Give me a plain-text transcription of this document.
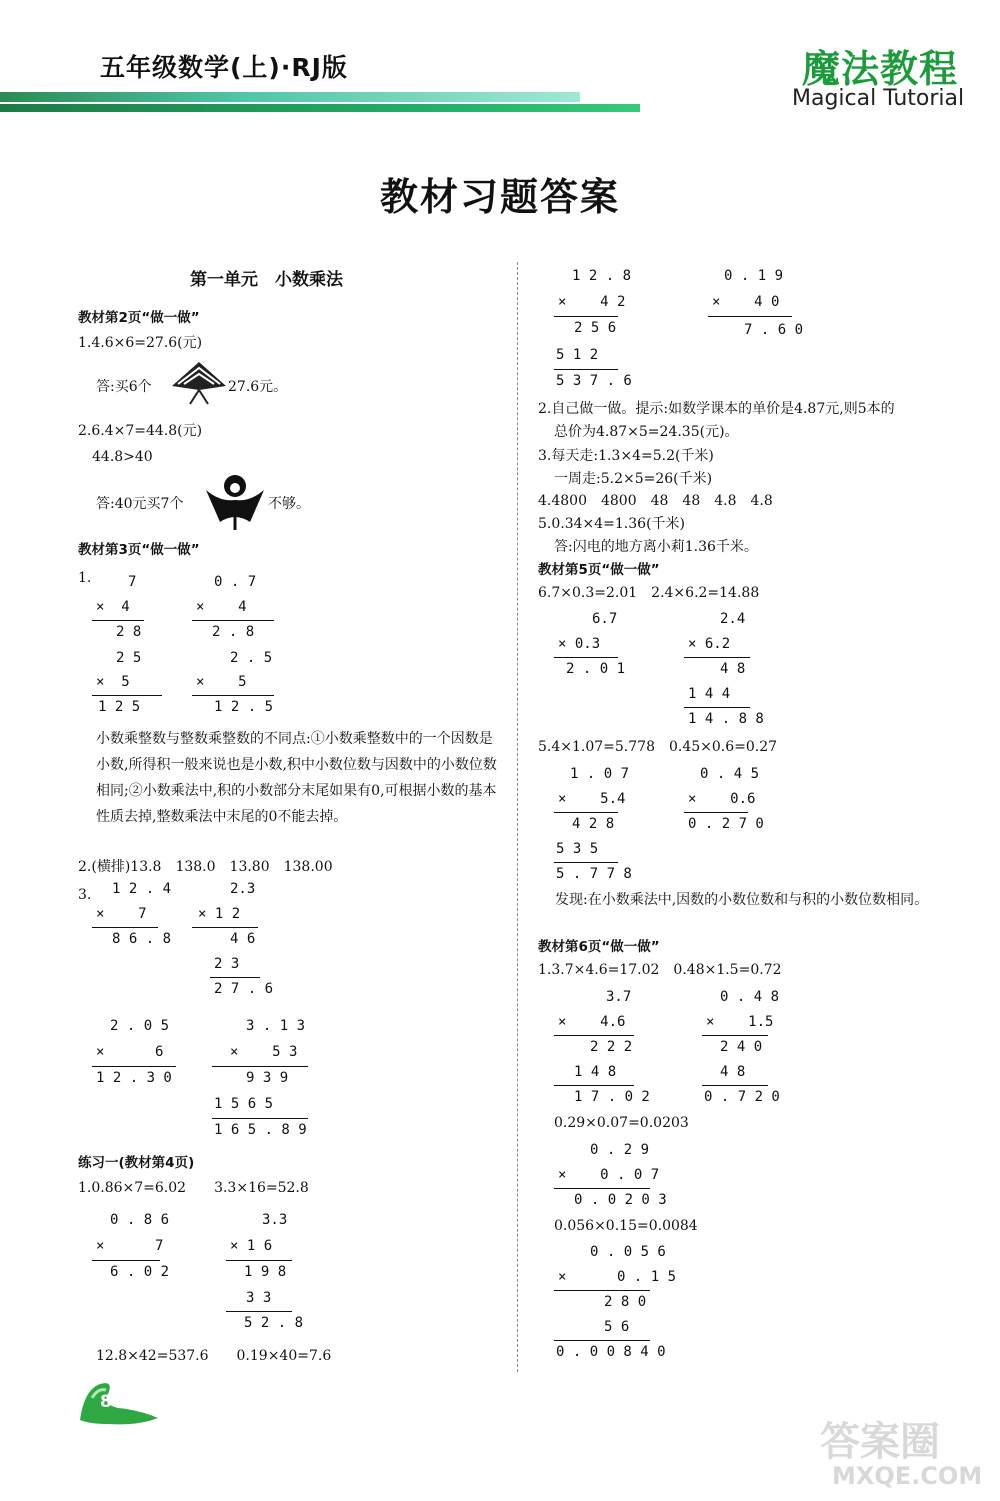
五年级数学(上)·RJ版	魔法教程
Magical Tutorial
教材习题答案
第一单元　小数乘法
教材第2页“做一做”
1.4.6×6=27.6(元)
答:买6个	27.6元。
2.6.4×7=44.8(元)
44.8>40
答:40元买7个	不够。
教材第3页“做一做”
1.	7
×  4
2 8
2 5
×  5
1 2 5
0 . 7
×    4
2 . 8
2 . 5
×    5
1 2 . 5
小数乘整数与整数乘整数的不同点:①小数乘整数中的一个因数是小数,所得积一般来说也是小数,积中小数位数与因数中的小数位数相同;②小数乘法中,积的小数部分末尾如果有0,可根据小数的基本性质去掉,整数乘法中末尾的0不能去掉。
2.(横排)13.8　138.0　13.80　138.00
3. 1 2 . 4
×    7
8 6 . 8
2.3
× 1 2
4 6
2 3
2 7 . 6
2 . 0 5
×      6
1 2 . 3 0
3 . 1 3
×    5 3
9 3 9
1 5 6 5
1 6 5 . 8 9
练习一(教材第4页)
1.0.86×7=6.02　　3.3×16=52.8
0 . 8 6
×      7
6 . 0 2
3.3
× 1 6
1 9 8
3 3
5 2 . 8
12.8×42=537.6　　0.19×40=7.6
1 2 . 8
×    4 2
2 5 6
5 1 2
5 3 7 . 6
0 . 1 9
×    4 0
7 . 6 0
2.自己做一做。提示:如数学课本的单价是4.87元,则5本的
总价为4.87×5=24.35(元)。
3.每天走:1.3×4=5.2(千米)
一周走:5.2×5=26(千米)
4.4800　4800　48　48　4.8　4.8
5.0.34×4=1.36(千米)
答:闪电的地方离小莉1.36千米。
教材第5页“做一做”
6.7×0.3=2.01　2.4×6.2=14.88
6.7
× 0.3
2 . 0 1
2.4
× 6.2
4 8
1 4 4
1 4 . 8 8
5.4×1.07=5.778　0.45×0.6=0.27
1 . 0 7
×    5.4
4 2 8
5 3 5
5 . 7 7 8
0 . 4 5
×    0.6
0 . 2 7 0
发现:在小数乘法中,因数的小数位数和与积的小数位数相同。
教材第6页“做一做”
1.3.7×4.6=17.02　0.48×1.5=0.72
3.7
×    4.6
2 2 2
1 4 8
1 7 . 0 2
0 . 4 8
×    1.5
2 4 0
4 8
0 . 7 2 0
0.29×0.07=0.0203
0 . 2 9
×    0 . 0 7
0 . 0 2 0 3
0.056×0.15=0.0084
0 . 0 5 6
×      0 . 1 5
2 8 0
5 6
0 . 0 0 8 4 0
86
答案圈
MXQE.COM
